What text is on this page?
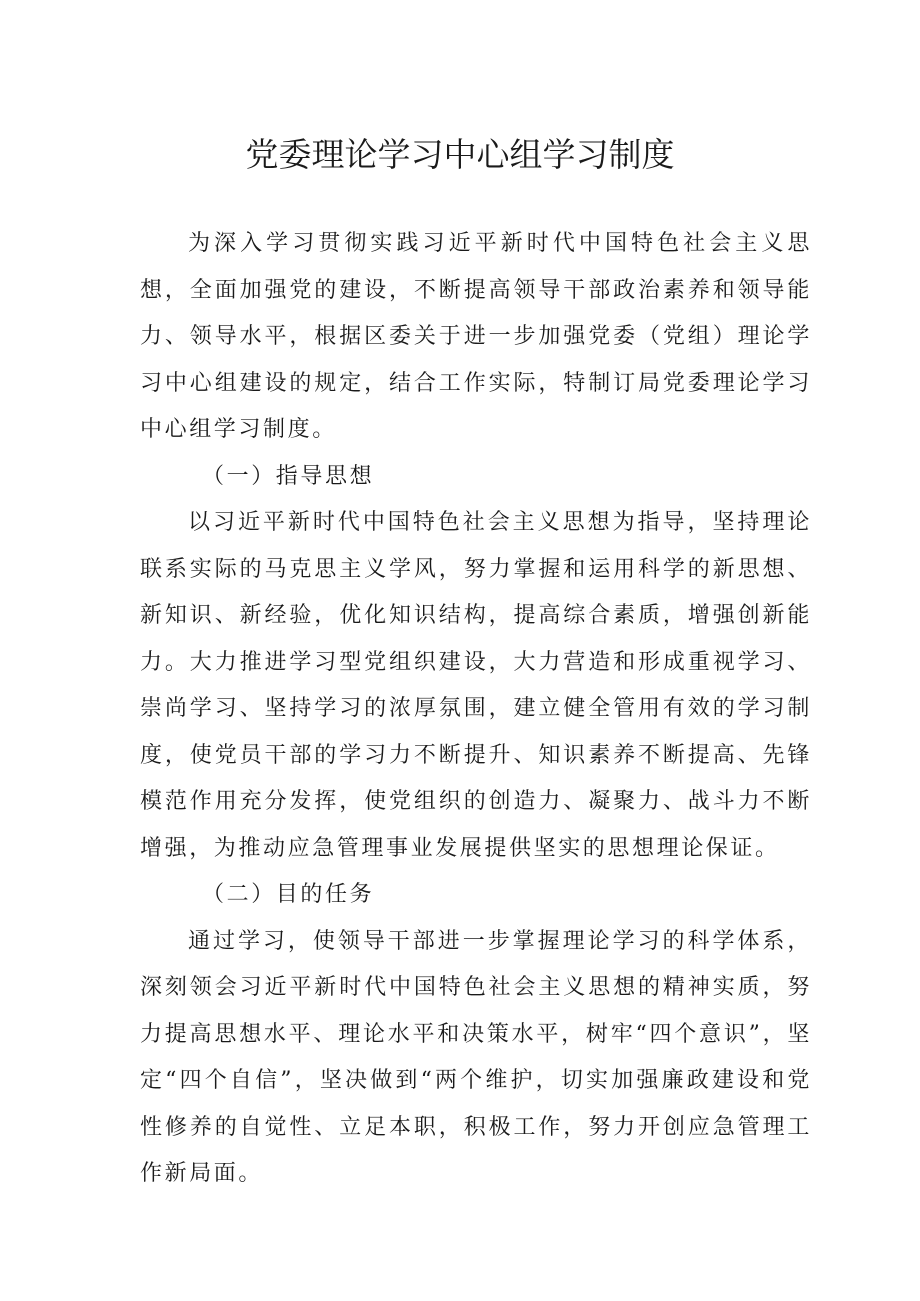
党委理论学习中心组学习制度

为深入学习贯彻实践习近平新时代中国特色社会主义思想，全面加强党的建设，不断提高领导干部政治素养和领导能力、领导水平，根据区委关于进一步加强党委（党组）理论学习中心组建设的规定，结合工作实际，特制订局党委理论学习中心组学习制度。

（一）指导思想

以习近平新时代中国特色社会主义思想为指导，坚持理论联系实际的马克思主义学风，努力掌握和运用科学的新思想、新知识、新经验，优化知识结构，提高综合素质，增强创新能力。大力推进学习型党组织建设，大力营造和形成重视学习、崇尚学习、坚持学习的浓厚氛围，建立健全管用有效的学习制度，使党员干部的学习力不断提升、知识素养不断提高、先锋模范作用充分发挥，使党组织的创造力、凝聚力、战斗力不断增强，为推动应急管理事业发展提供坚实的思想理论保证。

（二）目的任务

通过学习，使领导干部进一步掌握理论学习的科学体系，深刻领会习近平新时代中国特色社会主义思想的精神实质，努力提高思想水平、理论水平和决策水平，树牢“四个意识”，坚定“四个自信”，坚决做到“两个维护，切实加强廉政建设和党性修养的自觉性、立足本职，积极工作，努力开创应急管理工作新局面。
